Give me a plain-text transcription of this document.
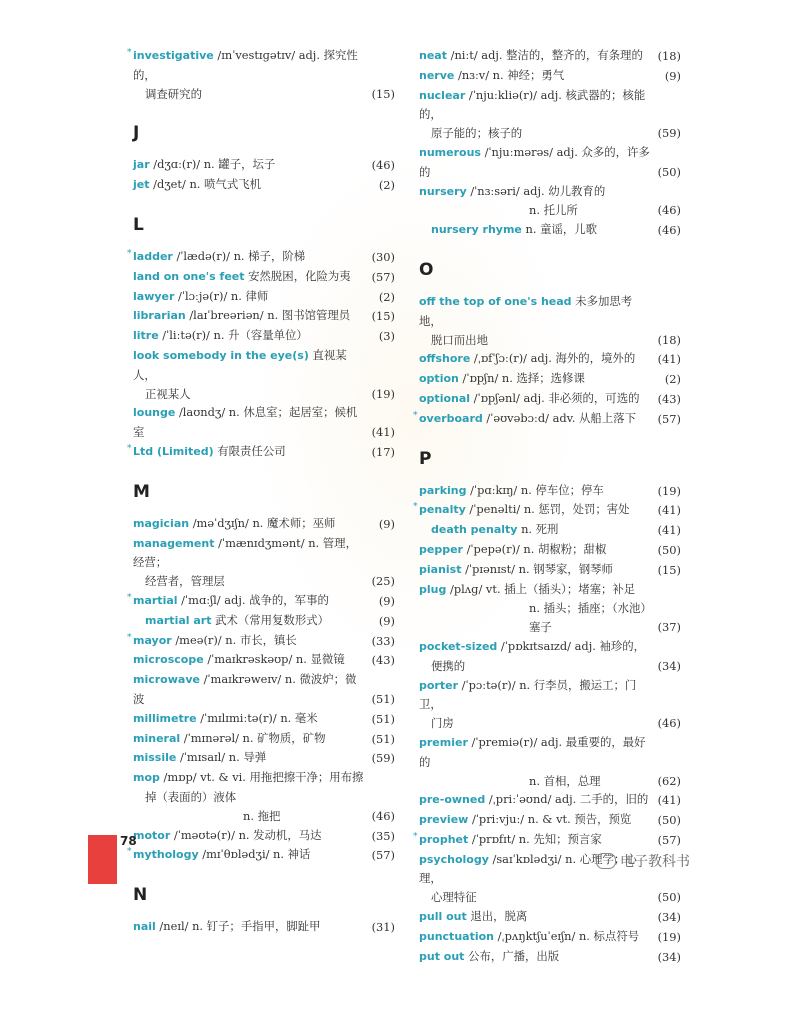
* investigative /ɪnˈvestɪɡətɪv/ adj. 探究性的，
调查研究的	(15)
J
jar /dʒɑː(r)/ n. 罐子，坛子	(46)
jet /dʒet/ n. 喷气式飞机	(2)
L
* ladder /ˈlædə(r)/ n. 梯子，阶梯	(30)
land on one's feet 安然脱困，化险为夷 (57)
lawyer /ˈlɔːjə(r)/ n. 律师	(2)
librarian /laɪˈbreəriən/ n. 图书馆管理员 (15)
litre /ˈliːtə(r)/ n. 升（容量单位）	(3)
look somebody in the eye(s) 直视某人，
正视某人	(19)
lounge /laʊndʒ/ n. 休息室；起居室；候机室	(41)
* Ltd (Limited) 有限责任公司	(17)
M
magician /məˈdʒɪʃn/ n. 魔术师；巫师	(9)
management /ˈmænɪdʒmənt/ n. 管理，经营；
经营者，管理层	(25)
* martial /ˈmɑːʃl/ adj. 战争的，军事的	(9)
martial art 武术（常用复数形式）	(9)
* mayor /meə(r)/ n. 市长，镇长	(33)
microscope /ˈmaɪkrəskəʊp/ n. 显微镜 (43)
microwave /ˈmaɪkrəweɪv/ n. 微波炉；微波	(51)
millimetre /ˈmɪlɪmiːtə(r)/ n. 毫米	(51)
mineral /ˈmɪnərəl/ n. 矿物质，矿物	(51)
missile /ˈmɪsaɪl/ n. 导弹	(59)
mop /mɒp/ vt. & vi. 用拖把擦干净；用布擦
掉（表面的）液体
n. 拖把	(46)
motor /ˈməʊtə(r)/ n. 发动机，马达	(35)
* mythology /mɪˈθɒlədʒi/ n. 神话	(57)
N
nail /neɪl/ n. 钉子；手指甲，脚趾甲	(31)
neat /niːt/ adj. 整洁的，整齐的，有条理的 (18)
nerve /nɜːv/ n. 神经；勇气	(9)
nuclear /ˈnjuːkliə(r)/ adj. 核武器的；核能的，
原子能的；核子的	(59)
numerous /ˈnjuːmərəs/ adj. 众多的，许多的	(50)
nursery /ˈnɜːsəri/ adj. 幼儿教育的
n. 托儿所	(46)
nursery rhyme n. 童谣，儿歌	(46)
O
off the top of one's head 未多加思考地，
脱口而出地	(18)
offshore /ˌɒfˈʃɔː(r)/ adj. 海外的，境外的 (41)
option /ˈɒpʃn/ n. 选择；选修课	(2)
optional /ˈɒpʃənl/ adj. 非必须的，可选的 (43)
* overboard /ˈəʊvəbɔːd/ adv. 从船上落下 (57)
P
parking /ˈpɑːkɪŋ/ n. 停车位；停车	(19)
* penalty /ˈpenəlti/ n. 惩罚，处罚；害处 (41)
death penalty n. 死刑	(41)
pepper /ˈpepə(r)/ n. 胡椒粉；甜椒	(50)
pianist /ˈpɪənɪst/ n. 钢琴家，钢琴师	(15)
plug /plʌɡ/ vt. 插上（插头）；堵塞；补足
n. 插头；插座；（水池）塞子	(37)
pocket-sized /ˈpɒkɪtsaɪzd/ adj. 袖珍的，
便携的	(34)
porter /ˈpɔːtə(r)/ n. 行李员，搬运工；门卫，
门房	(46)
premier /ˈpremiə(r)/ adj. 最重要的，最好的
n. 首相，总理	(62)
pre-owned /ˌpriːˈəʊnd/ adj. 二手的，旧的 (41)
preview /ˈpriːvjuː/ n. & vt. 预告，预览 (50)
* prophet /ˈprɒfɪt/ n. 先知；预言家	(57)
psychology /saɪˈkɒlədʒi/ n. 心理学；心理，
心理特征	(50)
pull out 退出，脱离	(34)
punctuation /ˌpʌŋktʃuˈeɪʃn/ n. 标点符号 (19)
put out 公布，广播，出版	(34)
78
电子教科书
